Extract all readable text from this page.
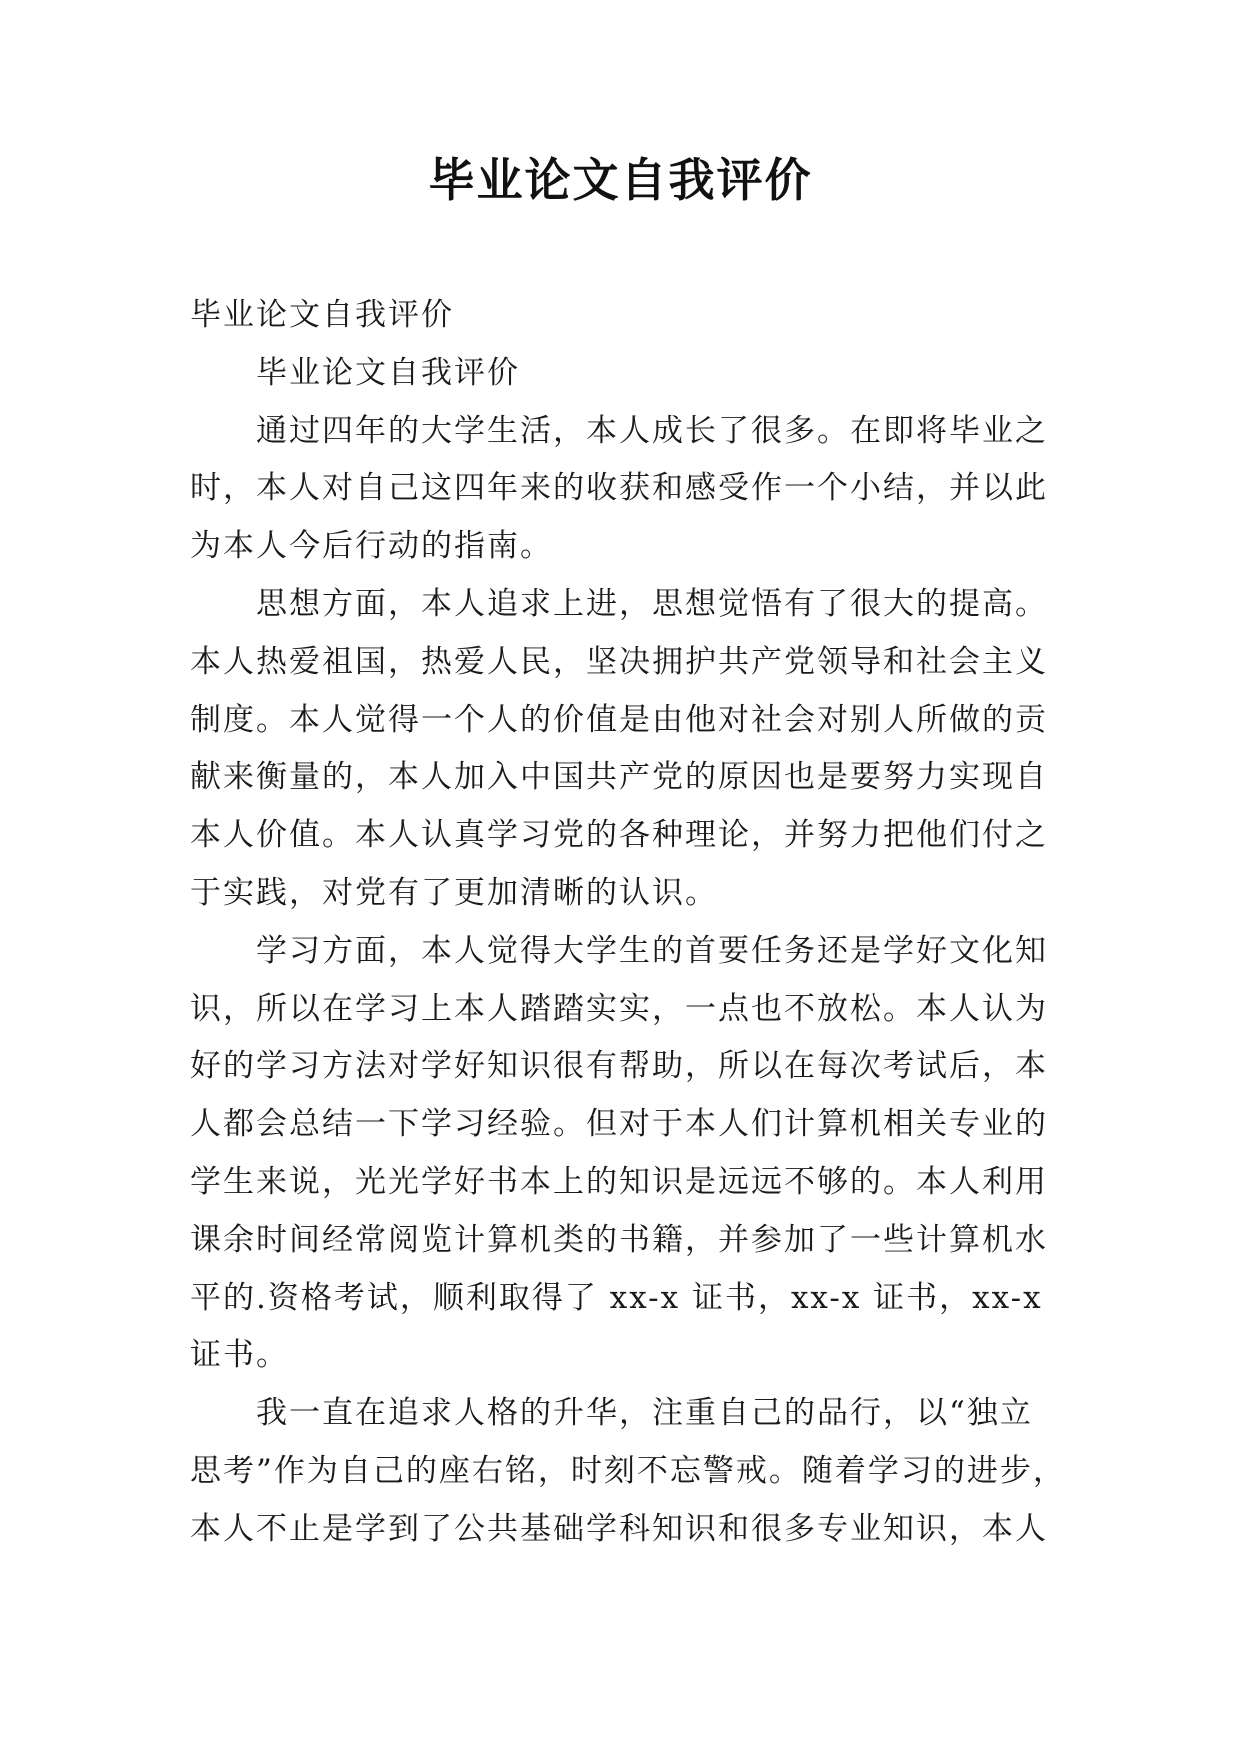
毕业论文自我评价
毕业论文自我评价
毕业论文自我评价
通过四年的大学生活，本人成长了很多。在即将毕业之
时，本人对自己这四年来的收获和感受作一个小结，并以此
为本人今后行动的指南。
思想方面，本人追求上进，思想觉悟有了很大的提高。
本人热爱祖国，热爱人民，坚决拥护共产党领导和社会主义
制度。本人觉得一个人的价值是由他对社会对别人所做的贡
献来衡量的，本人加入中国共产党的原因也是要努力实现自
本人价值。本人认真学习党的各种理论，并努力把他们付之
于实践，对党有了更加清晰的认识。
学习方面，本人觉得大学生的首要任务还是学好文化知
识，所以在学习上本人踏踏实实，一点也不放松。本人认为
好的学习方法对学好知识很有帮助，所以在每次考试后，本
人都会总结一下学习经验。但对于本人们计算机相关专业的
学生来说，光光学好书本上的知识是远远不够的。本人利用
课余时间经常阅览计算机类的书籍，并参加了一些计算机水
平的.资格考试，顺利取得了 xx-x 证书，xx-x 证书，xx-x
证书。
我一直在追求人格的升华，注重自己的品行，以“独立
思考”作为自己的座右铭，时刻不忘警戒。随着学习的进步，
本人不止是学到了公共基础学科知识和很多专业知识，本人
